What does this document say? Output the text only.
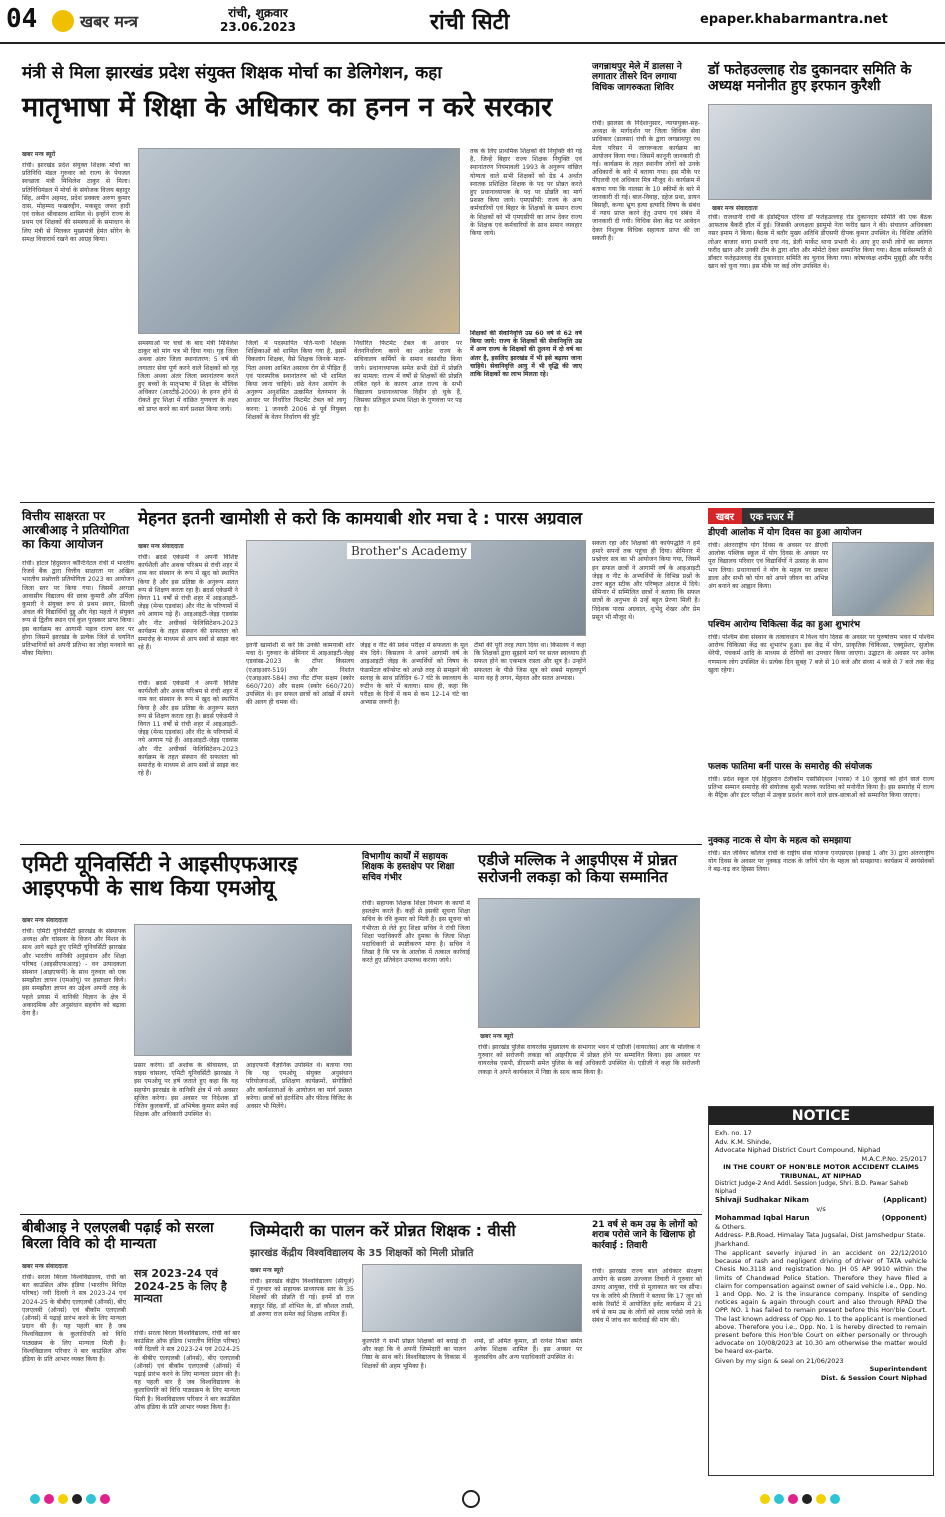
04	खबर मन्त्र	रांची, शुक्रवार
23.06.2023	रांची सिटी	epaper.khabarmantra.net
मंत्री से मिला झारखंड प्रदेश संयुक्त शिक्षक मोर्चा का डेलिगेशन, कहा
मातृभाषा में शिक्षा के अधिकार का हनन न करे सरकार
खबर मन्त्र ब्यूरो
रांची। झारखंड प्रदेश संयुक्त शिक्षक मोर्चा का प्रतिनिधि मंडल गुरुवार को राज्य के पेयजल स्वच्छता मंत्री मिथिलेश ठाकुर से मिला। प्रतिनिधिमंडल में मोर्चा के संयोजक विजय बहादुर सिंह, अमीन अहमद, प्रदेश प्रवक्ता अरुण कुमार दास, मोहम्मद फखरुद्दीन, मकसूद जफर हादी एवं राकेश श्रीवास्तव शामिल थे। इन्होंने राज्य के प्रथम एवं शिक्षकों की समस्याओं के समाधान के लिए मंत्री से मिलकर मुख्यमंत्री हेमंत सोरेन के समक्ष विचारार्थ रखने का आग्रह किया।
समस्याओं पर चर्चा के बाद मंत्री मिथिलेश ठाकुर को मांग पत्र भी दिया गया। गृह जिला अथवा अंतर जिला स्थानांतरण: 5 वर्ष की लगातार सेवा पूर्ण करने वाले शिक्षकों को गृह जिला अथवा अंतर जिला स्थानांतरण करते हुए बच्चों के मातृभाषा में शिक्षा के मौलिक अधिकार (आरटीई-2009) के हनन होने से रोकते हुए शिक्षा में वांछित गुणवत्ता के लक्ष्य को प्राप्त करने का मार्ग प्रशस्त किया जाये।
जिलों में पदस्थापित पति-पत्नी शिक्षक शिक्षिकाओं को शामिल किया गया है, इसमें विकलांग शिक्षक, वैसे शिक्षक जिनके माता-पिता अथवा आश्रित असाध्य रोग से पीड़ित हैं एवं पारस्परिक स्थानांतरण को भी शामिल किया जाना चाहिये। छठे वेतन आयोग के अनुरूप अनुशंसित उत्क्रमित वेतनमान के आधार पर निर्धारित फिटमेंट टेबल को लागू करना: 1 जनवरी 2006 से पूर्व नियुक्त शिक्षकों के वेतन निर्धारण की त्रुटि
निर्धारित फिटमेंट टेबल के आधार पर वेतननिर्धारण करने का आदेश राज्य के सचिवालय कर्मियों के समान वसाशीघ्र किया जाये। प्रधानाध्यापक समेत सभी ग्रेडों में प्रोन्नति का मामला: राज्य में वर्षों से शिक्षकों की प्रोन्नति लंबित रहने के कारण आज राज्य के सभी विद्यालय प्रधानाध्यापक विहीन हो चुके हैं, जिसका प्रतिकूल प्रभाव शिक्षा के गुणवत्ता पर पड़ रहा है।
तक के लिए प्राथमिक शिक्षकों की नियुक्ति की गई है, जिन्हें बिहार राज्य शिक्षक नियुक्ति एवं स्थानांतरण नियमावली 1993 के अनुरूप वांछित योग्यता वाले सभी शिक्षकों को ग्रेड 4 अर्थात स्नातक प्रशिक्षित शिक्षक के पद पर प्रोन्नत करते हुए प्रधानाध्यापक के पद पर प्रोन्नति का मार्ग प्रशस्त किया जाये। एमएसीपी: राज्य के अन्य कर्मचारियों एवं बिहार के शिक्षकों के समान राज्य के शिक्षकों को भी एमएसीपी का लाभ देकर राज्य के शिक्षक एवं कर्मचारियों के साथ समान व्यवहार किया जाये।
शिक्षकों की सेवानिवृत्ति उम्र 60 वर्ष से 62 वर्ष किया जाये: राज्य के शिक्षकों की सेवानिवृत्ति उम्र में अन्य राज्य के शिक्षकों की तुलना में दो वर्ष का अंतर है, इसलिए झारखंड में भी इसे बढ़ाया जाना चाहिये। सेवानिवृत्ति आयु में भी वृद्धि की जाए ताकि शिक्षकों का लाभ मिलता रहे।
जगन्नाथपुर मेले में डालसा ने लगातार तीसरे दिन लगाया विधिक जागरुकता शिविर
रांची। झालसा के निर्देशानुसार, न्यायायुक्त-सह-अध्यक्ष के मार्गदर्शन पर जिला विधिक सेवा प्राधिकार (डालसा) रांची के द्वारा जगन्नाथपुर रथ मेला परिसर में जागरूकता कार्यक्रम का आयोजन किया गया। जिसमें कानूनी जानकारी दी गई। कार्यक्रम के तहत स्थानीय लोगों को उनके अधिकारों के बारे में बताया गया। इस मौके पर पीएलवी एवं अधिकार मित्र मौजूद थे। कार्यक्रम में बताया गया कि नालसा के 10 स्कीमों के बारे में जानकारी दी गई। बाल-विवाह, दहेज प्रथा, डायन बिसाही, कन्या भ्रूण हत्या इत्यादि विषय के संबंध में न्याय प्राप्त करने हेतु उपाय एवं संबंध में जानकारी दी गयी। विधिक सेवा केंद्र पर आवेदन देकर निशुल्क विधिक सहायता प्राप्त की जा सकती है।
डॉ फतेहउल्लाह रोड दुकानदार समिति के अध्यक्ष मनोनीत हुए इरफान कुरैशी
खबर मन्त्र संवाददाता
रांची। राजधानी रांची के इंडस्ट्रियल एरिया डॉ फतेहउल्लाह रोड दुकानदार समिति की एक बैठक आफताब बैकरी हॉल में हुई। जिसकी अध्यक्षता झामुमो नेता फरीद खान ने की। संचालन अधिवक्ता नसर इमाम ने किया। बैठक में बतौर मुख्य अतिथि डीएसपी दीपक कुमार उपस्थित थे। विशिष्ट अतिथि लोअर बाजार थाना प्रभारी दया नंद, डेली मार्केट थाना प्रभारी थे। आए हुए सभी लोगों का स्वागत फरीद खान और उनकी टीम के द्वारा शॉल और मोमेंटो देकर सम्मानित किया गया। बैठक सर्वसम्मति से डॉक्टर फतेहउल्लाह रोड दुकानदार समिति का चुनाव किया गया। कोषाध्यक्ष शमीम मुसुद्दी और फरीद खान को चुना गया। इस मौके पर कई लोग उपस्थित थे।
वित्तीय साक्षरता पर आरबीआइ ने प्रतियोगिता का किया आयोजन
रांची। होटल हिंदुस्तान कॉन्टिनेंटल रांची में भारतीय रिजर्व बैंक द्वारा वित्तीय साक्षरता पर अखिल भारतीय प्रश्नोत्तरी प्रतियोगिता 2023 का आयोजन जिला स्तर पर किया गया। जिसमें अरगड़ा आवासीय विद्यालय की छात्रा कुमारी और उर्मिला कुमारी ने संयुक्त रूप से प्रथम स्थान, सिल्ली अंचल की विद्यार्थियों दुद्दू और नेहा महतो ने संयुक्त रूप से द्वितीय स्थान एवं कुल पुरस्कार प्राप्त किया। इस कार्यक्रम का आगामी पड़ाव राज्य स्तर पर होगा जिसमें झारखंड के प्रत्येक जिले से चयनित प्रतिभागियों को अपनी प्रतिभा का लोहा मनवाने का मौका मिलेगा।
मेहनत इतनी खामोशी से करो कि कामयाबी शोर मचा दे : पारस अग्रवाल
खबर मन्त्र संवाददाता
रांची। ब्रदर्स एकेडमी ने अपनी विशिष्ट कार्यशैली और अथक परिश्रम से रांची शहर में नाम कर संस्थान के रूप में खुद को स्थापित किया है और इस प्रतिष्ठा के अनुरूप सतत रूप से शिक्षण करता रहा है। ब्रदर्स एकेडमी ने विगत 11 वर्षों से रांची शहर में आइआइटी-जेइइ (मेन्स एडवांस) और नीट के परिणामों में नये आयाम गढ़े हैं। आइआइटी-जेइइ एडवांस और नीट अचीवर्स फेलिसिटेशन-2023 कार्यक्रम के तहत संस्थान की सफलता को समारोह के माध्यम से आप सबों से साझा कर रहे हैं।
Brother's Academy
रांची। ब्रदर्स एकेडमी ने अपनी विशिष्ट कार्यशैली और अथक परिश्रम से रांची शहर में नाम कर संस्थान के रूप में खुद को स्थापित किया है और इस प्रतिष्ठा के अनुरूप सतत रूप से शिक्षण करता रहा है। ब्रदर्स एकेडमी ने विगत 11 वर्षों से रांची शहर में आइआइटी-जेइइ (मेन्स एडवांस) और नीट के परिणामों में नये आयाम गढ़े हैं। आइआइटी-जेइइ एडवांस और नीट अचीवर्स फेलिसिटेशन-2023 कार्यक्रम के तहत संस्थान की सफलता को समारोह के माध्यम से आप सबों से साझा कर रहे हैं।
इतनी खामोशी से करें कि उनकी कामयाबी शोर मचा दे। गुरुवार के सेमिनार में आइआइटी-जेइइ एडवांस्ड-2023 के टॉपर किसलय (एआइआर-519) और निशांत (एआइआर-584) तथा नीट टॉपर सक्षम (स्कोर 660/720) और सक्षम (स्कोर 660/720) उपस्थित थे। इन सफल छात्रों को आंखों में सपने की अलग ही चमक थी।
जेइइ व नीट की प्रवेश परीक्षा में सफलता के मूल मंत्र दिये। किसलय ने अपने आगामी वर्ष के आइआइटी जेइइ के अभ्यर्थियों को विषय के फंडामेंटल कॉन्सेप्ट को अच्छे तरह से समझने की सलाह के साथ प्रतिदिन 6-7 घंटे के स्वाध्याय के रूटीन के बारे में बताया। साथ ही, कहा कि परीक्षा के दिनों में कम से कम 12-14 घंटे का अभ्यास जरूरी है।
टीमों की पूरी तरह त्याग दिया था। किसलय ने कहा कि शिक्षकों द्वारा सुझाये मार्ग पर सतत स्वाध्याय ही सफल होने का एकमात्र रास्ता और सूत्र है। उन्होंने सफलता के पीछे जिस सूत्र को सबसे महत्वपूर्ण माना वह है लगन, मेहनत और सतत अभ्यास।
सकता रहा और शिक्षकों की कार्यपद्धति ने हमें हमारे सपनों तक पहुंचा ही दिया। सेमिनार में प्रश्नोत्तर सत्र का भी आयोजन किया गया, जिसमें इन सफल छात्रों ने आगामी वर्ष के आइआइटी जेइइ व नीट के अभ्यर्थियों के विभिन्न प्रश्नों के उत्तर बहुत स्टीक और परिष्कृत अंदाज में दिये। सेमिनार में सम्मिलित छात्रों ने बताया कि सफल छात्रों के अनुभव से उन्हें बहुत प्रेरणा मिली है। निदेशक पारस अग्रवाल, शुभेंदु शेखर और प्रेम प्रसून भी मौजूद थे।
खबर	एक नजर में
डीएवी आलोक में योग दिवस का हुआ आयोजन
रांची। अंतरराष्ट्रीय योग दिवस के अवसर पर डीएवी आलोक पब्लिक स्कूल में योग दिवस के अवसर पर पूरा विद्यालय परिवार एवं विद्यार्थियों ने उत्साह के साथ भाग लिया। प्रधानाचार्य ने योग के महत्व पर प्रकाश डाला और सभी को योग को अपने जीवन का अभिन्न अंग बनाने का आह्वान किया।
पश्चिम आरोग्य चिकित्सा केंद्र का हुआ शुभारंभ
रांची। पश्चिम सेवा संस्थान के तत्वावधान में विश्व योग दिवस के अवसर पर पुरुषोत्तम भवन में पश्चिम आरोग्य चिकित्सा केंद्र का शुभारंभ हुआ। इस केंद्र में योग, प्राकृतिक चिकित्सा, एक्यूप्रेशर, सुजोक थेरेपी, पंचकर्म आदि के माध्यम से रोगियों का उपचार किया जाएगा। उद्घाटन के अवसर पर अनेक गणमान्य लोग उपस्थित थे। प्रत्येक दिन सुबह 7 बजे से 10 बजे और संध्या 4 बजे से 7 बजे तक केंद्र खुला रहेगा।
फलक फातिमा बनीं पारस के समारोह की संयोजक
रांची। प्रदेश स्कूल एवं हिंदुस्तान टेलीकॉम एसोसिएशन (पारस) ने 10 जुलाई को होने वाले राज्य प्रतिभा सम्मान समारोह की संयोजक सुश्री फलक फातिमा को मनोनीत किया है। इस समारोह में राज्य के मैट्रिक और इंटर परीक्षा में उत्कृष्ट प्रदर्शन करने वाले छात्र-छात्राओं को सम्मानित किया जाएगा।
नुक्कड़ नाटक से योग के महत्व को समझाया
रांची। संत जेवियर कॉलेज रांची के राष्ट्रीय सेवा योजना एनएसएस (इकाई 1 और 3) द्वारा अंतरराष्ट्रीय योग दिवस के अवसर पर नुक्कड़ नाटक के जरिये योग के महत्व को समझाया। कार्यक्रम में स्वयंसेवकों ने बढ़-चढ़ कर हिस्सा लिया।
एमिटी यूनिवर्सिटी ने आइसीएफआरइ आइएफपी के साथ किया एमओयू
खबर मन्त्र संवाददाता
रांची। एमिटी यूनिवर्सिटी झारखंड के संस्थापक अध्यक्ष और चांसलर के विजन और मिशन के साथ आगे बढ़ते हुए एमिटी यूनिवर्सिटी झारखंड और भारतीय वानिकी अनुसंधान और शिक्षा परिषद (आइसीएफआरइ) - वन उत्पादकता संस्थान (आइएफपी) के साथ गुरुवार को एक समझौता ज्ञापन (एमओयू) पर हस्ताक्षर किये। इस समझौता ज्ञापन का उद्देश्य अपनी तरह के पहले प्रयास में वानिकी विज्ञान के क्षेत्र में अकादमिक और अनुसंधान सहयोग को बढ़ावा देना है।
प्रसार करेगा। डॉ अशोक के श्रीवास्तव, प्रो वाइस चांसलर, एमिटी यूनिवर्सिटी झारखंड ने इस एमओयू पर हर्ष जताते हुए कहा कि यह सहयोग झारखंड के वानिकी क्षेत्र में नये अवसर सृजित करेगा। इस अवसर पर निदेशक डॉ नितिन कुलकर्णी, डॉ अभिषेक कुमार समेत कई शिक्षक और अधिकारी उपस्थित थे।
आइएफपी वैज्ञानिक उपस्थित थे। बताया गया कि यह एमओयू संयुक्त अनुसंधान परियोजनाओं, प्रशिक्षण कार्यक्रमों, संगोष्ठियों और कार्यशालाओं के आयोजन का मार्ग प्रशस्त करेगा। छात्रों को इंटर्नशिप और फील्ड विजिट के अवसर भी मिलेंगे।
विभागीय कार्यों में सहायक शिक्षक के हस्तक्षेप पर शिक्षा सचिव गंभीर
रांची। सहायक शिक्षक शिक्षा विभाग के कार्यों में हस्तक्षेप करते हैं। कहीं से इसकी सूचना शिक्षा सचिव के रवि कुमार को मिली है। इस सूचना को गंभीरता से लेते हुए शिक्षा सचिव ने रांची जिला शिक्षा पदाधिकारी और दुमका के जिला शिक्षा पदाधिकारी से स्पष्टीकरण मांगा है। सचिव ने लिखा है कि पत्र के आलोक में तत्काल कार्रवाई करते हुए प्रतिवेदन उपलब्ध कराया जाये।
एडीजे मल्लिक ने आइपीएस में प्रोन्नत सरोजनी लकड़ा को किया सम्मानित
खबर मन्त्र ब्यूरो
रांची। झारखंड पुलिस वायरलेस मुख्यालय के सभागार भवन में एडीजी (वायरलेस) आर के मल्लिक ने गुरुवार को सरोजनी लकड़ा को आइपीएस में प्रोन्नत होने पर सम्मानित किया। इस अवसर पर वायरलेस एसपी, डीएसपी समेत पुलिस के कई अधिकारी उपस्थित थे। एडीजी ने कहा कि सरोजनी लकड़ा ने अपने कार्यकाल में निष्ठा के साथ काम किया है।
बीबीआइ ने एलएलबी पढ़ाई को सरला बिरला विवि को दी मान्यता
खबर मन्त्र संवाददाता
रांची। सरला बिरला विश्वविद्यालय, रांची को बार काउंसिल ऑफ इंडिया (भारतीय विधिज्ञ परिषद) नयी दिल्ली ने सत्र 2023-24 एवं 2024-25 के बीबीए एलएलबी (ऑनर्स), बीए एलएलबी (ऑनर्स) एवं बीकॉम एलएलबी (ऑनर्स) में पढ़ाई प्रारंभ करने के लिए मान्यता प्रदान की है। यह पहली बार है जब विश्वविद्यालय के कुलाधिपति को विधि पाठ्यक्रम के लिए मान्यता मिली है। विश्वविद्यालय परिवार ने बार काउंसिल ऑफ इंडिया के प्रति आभार व्यक्त किया है।
सत्र 2023-24 एवं 2024-25 के लिए है मान्यता
रांची। सरला बिरला विश्वविद्यालय, रांची को बार काउंसिल ऑफ इंडिया (भारतीय विधिज्ञ परिषद) नयी दिल्ली ने सत्र 2023-24 एवं 2024-25 के बीबीए एलएलबी (ऑनर्स), बीए एलएलबी (ऑनर्स) एवं बीकॉम एलएलबी (ऑनर्स) में पढ़ाई प्रारंभ करने के लिए मान्यता प्रदान की है। यह पहली बार है जब विश्वविद्यालय के कुलाधिपति को विधि पाठ्यक्रम के लिए मान्यता मिली है। विश्वविद्यालय परिवार ने बार काउंसिल ऑफ इंडिया के प्रति आभार व्यक्त किया है।
जिम्मेदारी का पालन करें प्रोन्नत शिक्षक : वीसी
झारखंड केंद्रीय विश्वविद्यालय के 35 शिक्षकों को मिली प्रोन्नति
खबर मन्त्र ब्यूरो
रांची। झारखंड केंद्रीय विश्वविद्यालय (सीयूजे) में गुरुवार को सहायक प्राध्यापक स्तर के 35 शिक्षकों की प्रोन्नति दी गई। इनमें डॉ राज बहादुर सिंह, डॉ शोभित के, डॉ कौशल तासी, डॉ अरुणा राज समेत कई शिक्षक शामिल हैं।
कुलपति ने सभी प्रोन्नत शिक्षकों को बधाई दी और कहा कि वे अपनी जिम्मेदारी का पालन निष्ठा के साथ करें। विश्वविद्यालय के विकास में शिक्षकों की अहम भूमिका है।
शर्मा, डॉ अमित कुमार, डॉ रत्नेश मिश्रा समेत अनेक शिक्षक शामिल हैं। इस अवसर पर कुलसचिव और अन्य पदाधिकारी उपस्थित थे।
21 वर्ष से कम उम्र के लोगों को शराब परोसे जाने के खिलाफ हो कार्रवाई : तिवारी
रांची। झारखंड राज्य बाल अधिकार संरक्षण आयोग के सदस्य उज्ज्वल तिवारी ने गुरुवार को उत्पाद आयुक्त, रांची से मुलाकात कर पत्र सौंपा। पत्र के जरिये श्री तिवारी ने बताया कि 17 जून को कांके रिसॉर्ट में आयोजित इवेंट कार्यक्रम में 21 वर्ष से कम उम्र के लोगों को शराब परोसे जाने के संबंध में जांच कर कार्रवाई की मांग की।
NOTICE
Exh. no. 17
Adv. K.M. Shinde,
Advocate Niphad District Court Compound, Niphad
M.A.C.P.No. 25/2017
IN THE COURT OF HON'BLE MOTOR ACCIDENT CLAIMS TRIBUNAL, AT NIPHAD
District Judge-2 And Addl. Session Judge, Shri. B.D. Pawar Saheb Niphad
Shivaji Sudhakar Nikam	(Applicant)
v/s
Mohammad Iqbal Harun	(Opponent)
& Others.
Address- P.B.Road, Himalay Tata Jugsalai, Dist Jamshedpur State. Jharkhand.
The applicant severly injured in an accident on 22/12/2010 because of rash and negligent driving of driver of TATA vehicle Chesis No.3118 and registration No. JH 05 AP 9910 within the limits of Chandwad Police Station. Therefore they have filed a claim for compensation against owner of said vehicle i.e., Opp. No. 1 and Opp. No. 2 is the insurance company. Inspite of sending notices again & again through court and also through RPAD the OPP. NO. 1 has failed to remain present before this Hon'ble Court. The last known address of Opp No. 1 to the applicant is mentioned above. Therefore you i.e., Opp. No. 1 is hereby directed to remain present before this Hon'ble Court on either personally or through advocate on 10/08/2023 at 10.30 am otherwise the matter would be heard ex-parte.
Given by my sign & seal on 21/06/2023
Superintendent
Dist. & Session Court Niphad
